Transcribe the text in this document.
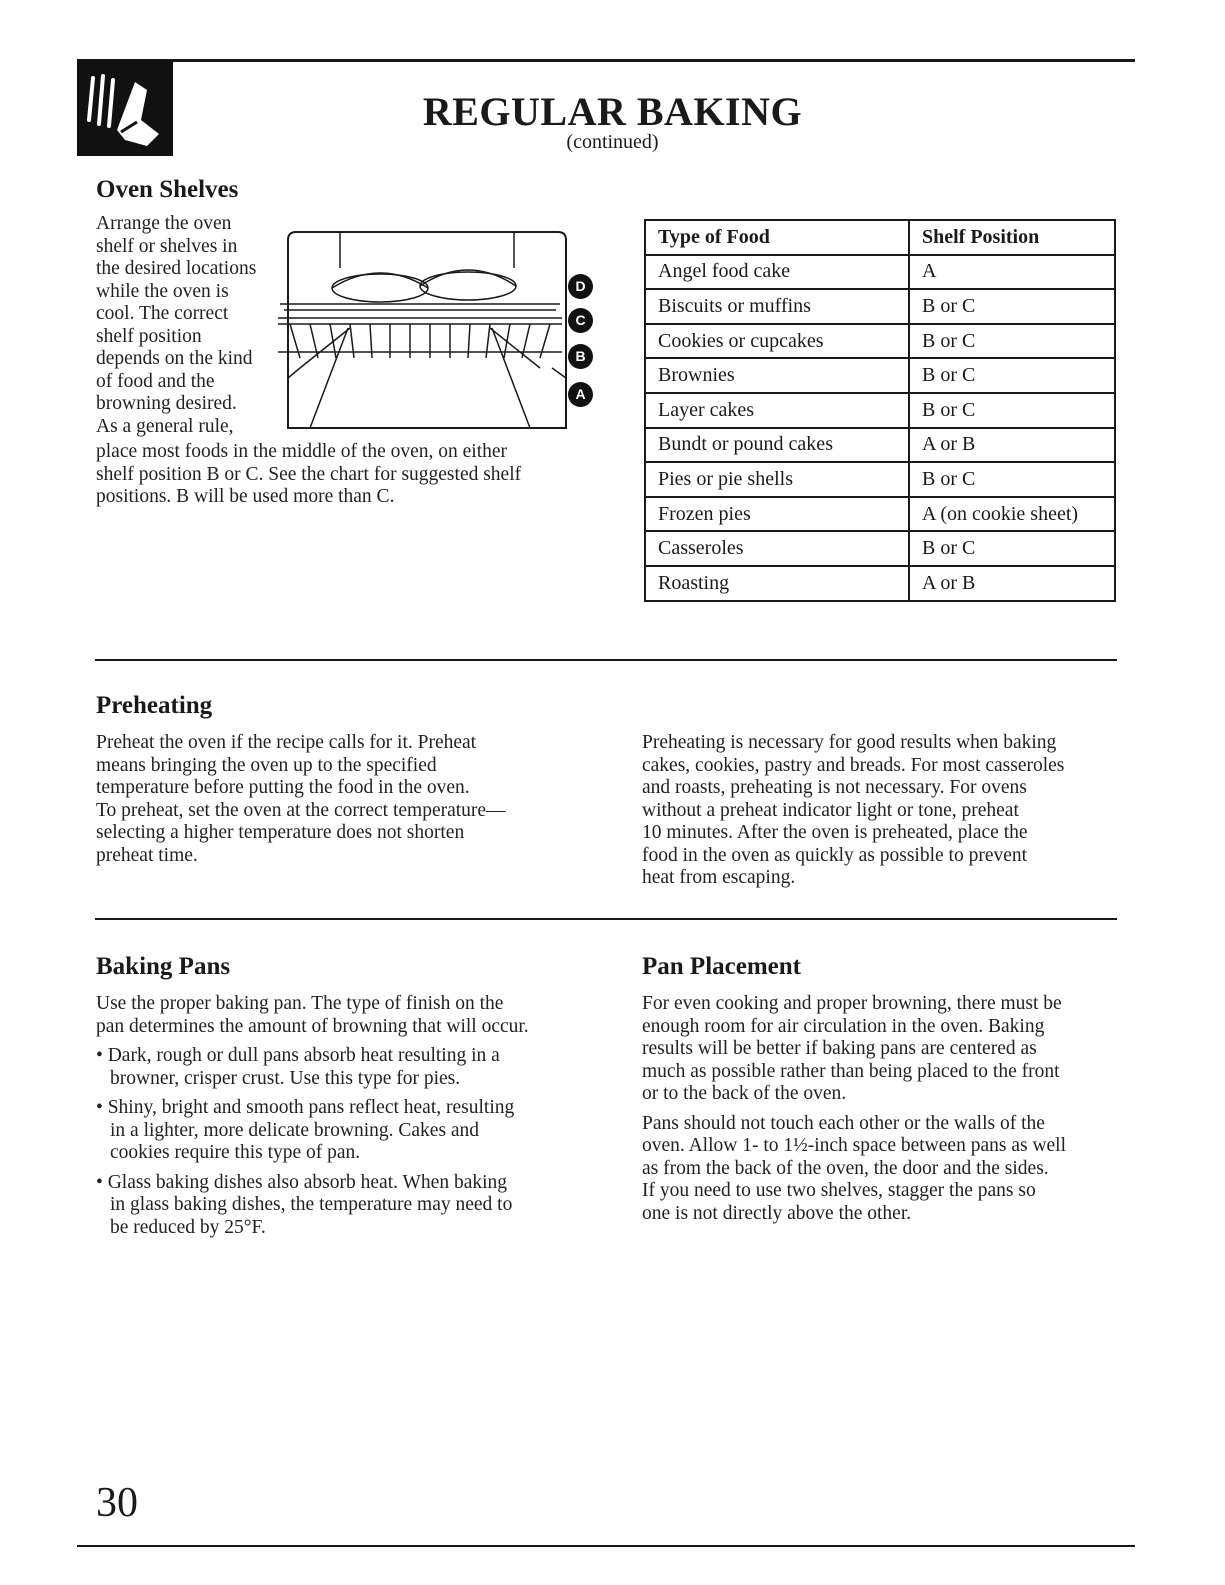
REGULAR BAKING
(continued)
Oven Shelves

Arrange the oven

shelf or shelves in

the desired locations

while the oven is

cool. The correct

shelf position

depends on the kind

of food and the

browning desired.

As a general rule,

place most foods in the middle of the oven, on either

shelf position B or C. See the chart for suggested shelf

positions. B will be used more than C.

D
C
B
A
Type of Food	Shelf Position
Angel food cake	A
Biscuits or muffins	B or C
Cookies or cupcakes	B or C
Brownies	B or C
Layer cakes	B or C
Bundt or pound cakes	A or B
Pies or pie shells	B or C
Frozen pies	A (on cookie sheet)
Casseroles	B or C
Roasting	A or B
Preheating

Preheat the oven if the recipe calls for it. Preheat

means bringing the oven up to the specified

temperature before putting the food in the oven.

To preheat, set the oven at the correct temperature—

selecting a higher temperature does not shorten

preheat time.

Preheating is necessary for good results when baking

cakes, cookies, pastry and breads. For most casseroles

and roasts, preheating is not necessary. For ovens

without a preheat indicator light or tone, preheat

10 minutes. After the oven is preheated, place the

food in the oven as quickly as possible to prevent

heat from escaping.

Baking Pans

Use the proper baking pan. The type of finish on the

pan determines the amount of browning that will occur.

• Dark, rough or dull pans absorb heat resulting in a
browner, crisper crust. Use this type for pies.
• Shiny, bright and smooth pans reflect heat, resulting
in a lighter, more delicate browning. Cakes and
cookies require this type of pan.
• Glass baking dishes also absorb heat. When baking
in glass baking dishes, the temperature may need to
be reduced by 25°F.
Pan Placement

For even cooking and proper browning, there must be

enough room for air circulation in the oven. Baking

results will be better if baking pans are centered as

much as possible rather than being placed to the front

or to the back of the oven.

Pans should not touch each other or the walls of the

oven. Allow 1- to 1½-inch space between pans as well

as from the back of the oven, the door and the sides.

If you need to use two shelves, stagger the pans so

one is not directly above the other.

30
